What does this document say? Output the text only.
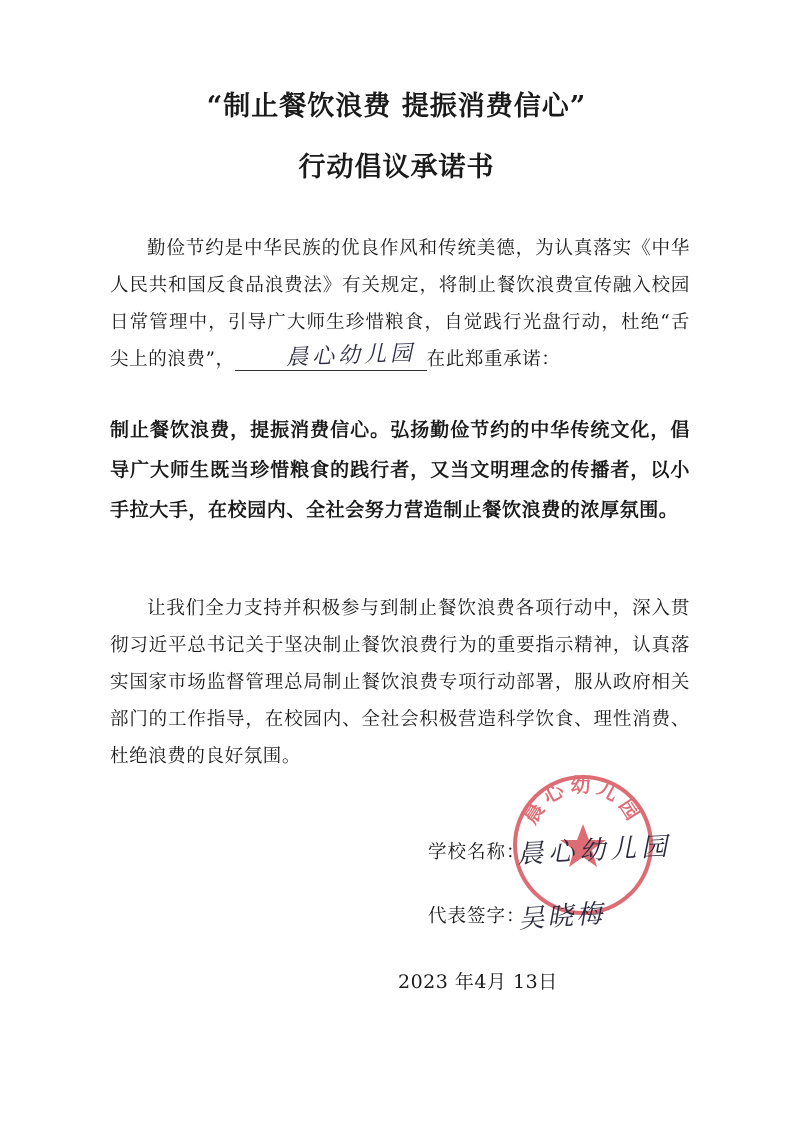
“制止餐饮浪费 提振消费信心”
行动倡议承诺书
勤俭节约是中华民族的优良作风和传统美德，为认真落实《中华人民共和国反食品浪费法》有关规定，将制止餐饮浪费宣传融入校园日常管理中，引导广大师生珍惜粮食，自觉践行光盘行动，杜绝“舌尖上的浪费”，	晨心幼儿园 在此郑重承诺：
制止餐饮浪费，提振消费信心。弘扬勤俭节约的中华传统文化，倡导广大师生既当珍惜粮食的践行者，又当文明理念的传播者，以小手拉大手，在校园内、全社会努力营造制止餐饮浪费的浓厚氛围。
让我们全力支持并积极参与到制止餐饮浪费各项行动中，深入贯彻习近平总书记关于坚决制止餐饮浪费行为的重要指示精神，认真落实国家市场监督管理总局制止餐饮浪费专项行动部署，服从政府相关部门的工作指导，在校园内、全社会积极营造科学饮食、理性消费、杜绝浪费的良好氛围。
晨心幼儿园
学校名称：
晨心幼儿园
代表签字：
吴晓梅
2023 年4月 13日
